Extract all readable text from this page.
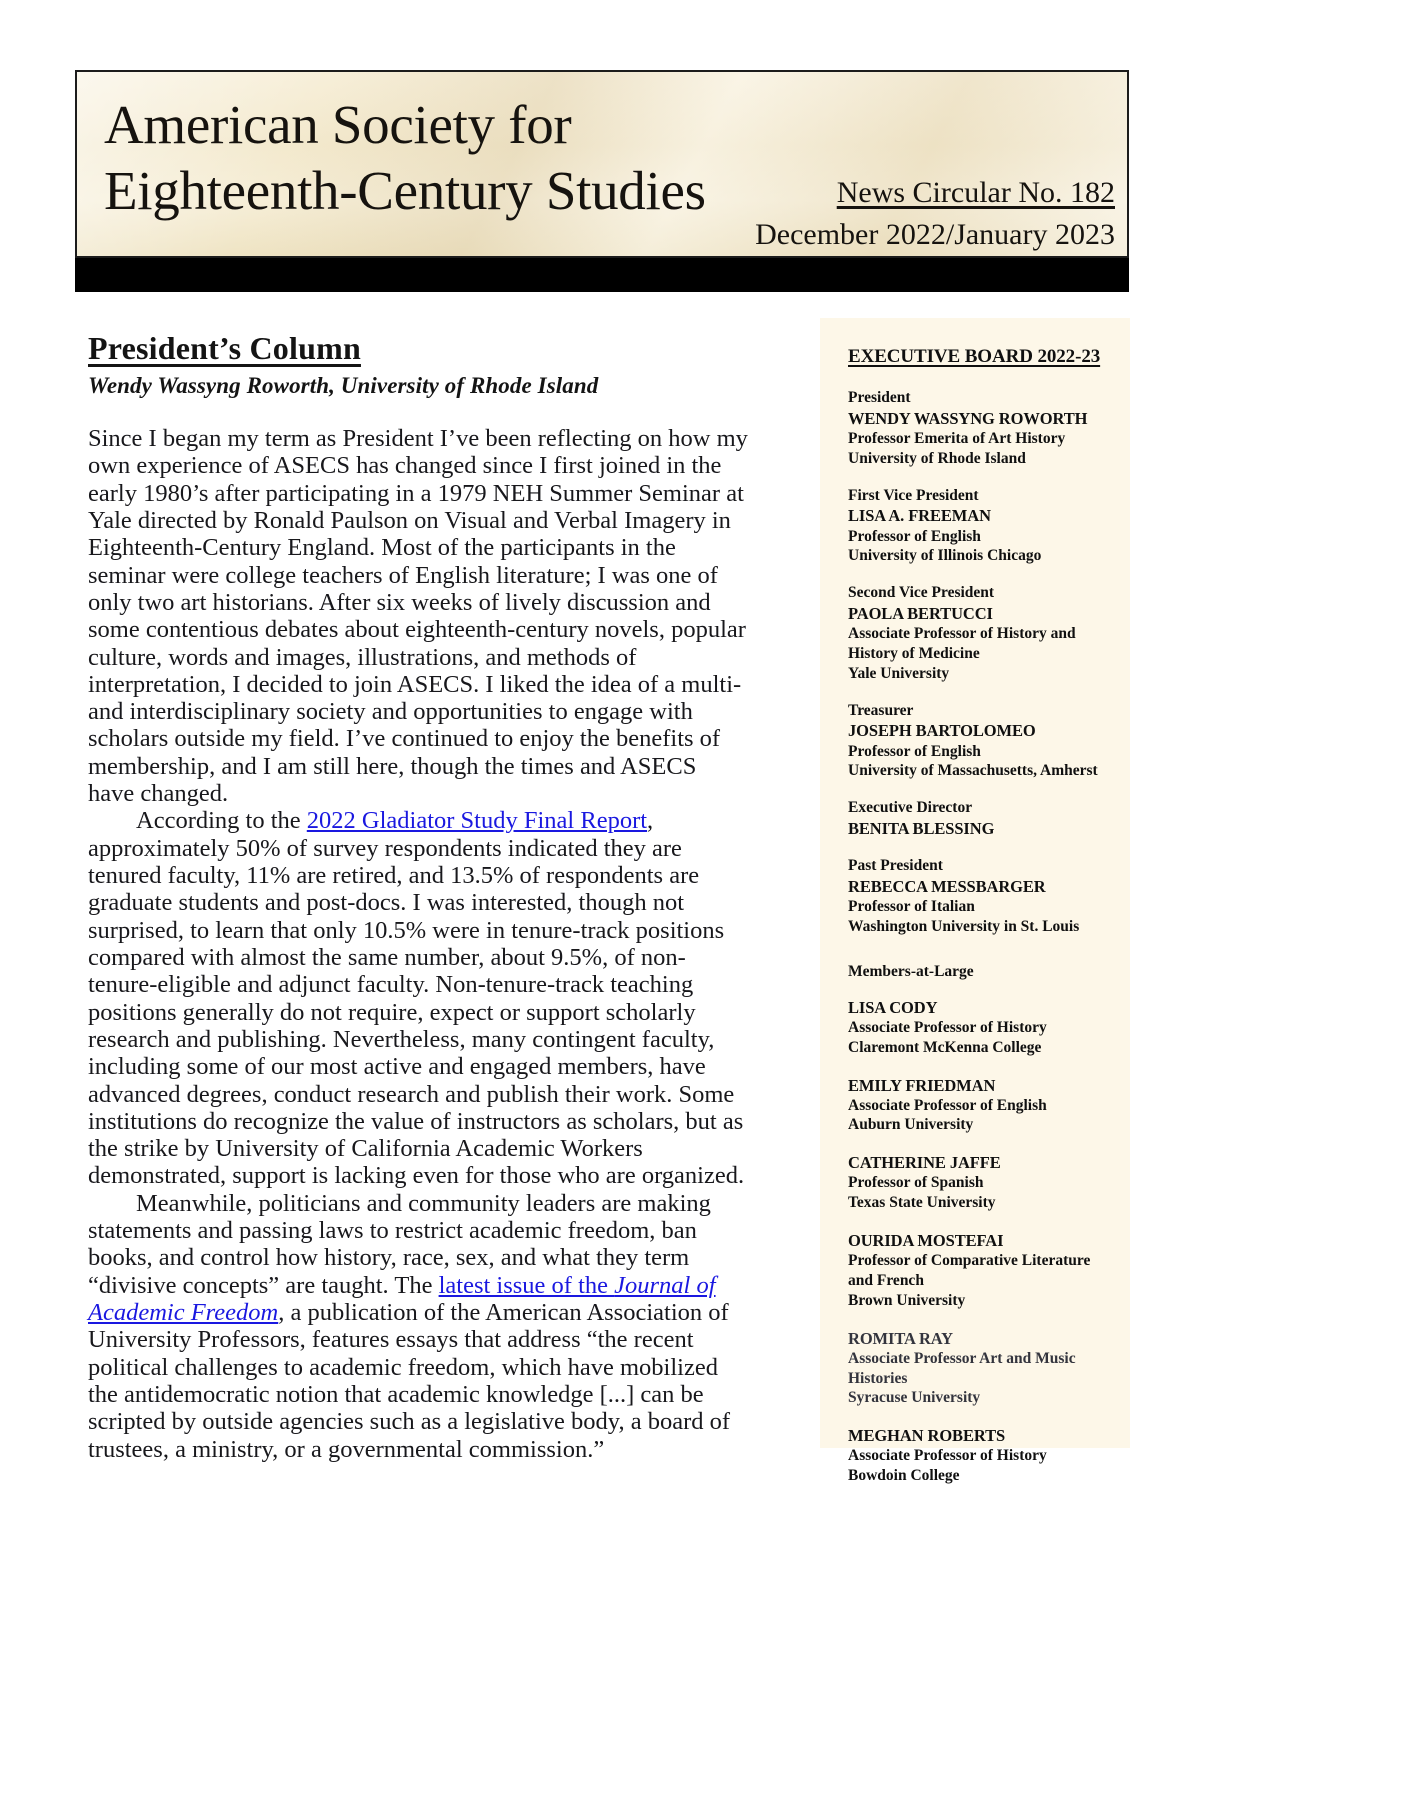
American Society for
Eighteenth-Century Studies	News Circular No. 182
December 2022/January 2023
President’s Column
Wendy Wassyng Roworth, University of Rhode Island

Since I began my term as President I’ve been reflecting on how my own experience of ASECS has changed since I first joined in the early 1980’s after participating in a 1979 NEH Summer Seminar at Yale directed by Ronald Paulson on Visual and Verbal Imagery in Eighteenth-Century England. Most of the participants in the seminar were college teachers of English literature; I was one of only two art historians. After six weeks of lively discussion and some contentious debates about eighteenth-century novels, popular culture, words and images, illustrations, and methods of interpretation, I decided to join ASECS. I liked the idea of a multi- and interdisciplinary society and opportunities to engage with scholars outside my field. I’ve continued to enjoy the benefits of membership, and I am still here, though the times and ASECS have changed.

According to the 2022 Gladiator Study Final Report, approximately 50% of survey respondents indicated they are tenured faculty, 11% are retired, and 13.5% of respondents are graduate students and post-docs. I was interested, though not surprised, to learn that only 10.5% were in tenure-track positions compared with almost the same number, about 9.5%, of non-tenure-eligible and adjunct faculty. Non-tenure-track teaching positions generally do not require, expect or support scholarly research and publishing. Nevertheless, many contingent faculty, including some of our most active and engaged members, have advanced degrees, conduct research and publish their work. Some institutions do recognize the value of instructors as scholars, but as the strike by University of California Academic Workers demonstrated, support is lacking even for those who are organized.

Meanwhile, politicians and community leaders are making statements and passing laws to restrict academic freedom, ban books, and control how history, race, sex, and what they term “divisive concepts” are taught. The latest issue of the Journal of Academic Freedom, a publication of the American Association of University Professors, features essays that address “the recent political challenges to academic freedom, which have mobilized the antidemocratic notion that academic knowledge [...] can be scripted by outside agencies such as a legislative body, a board of trustees, a ministry, or a governmental commission.”

EXECUTIVE BOARD 2022-23
President
WENDY WASSYNG ROWORTH
Professor Emerita of Art History
University of Rhode Island
First Vice President
LISA A. FREEMAN
Professor of English
University of Illinois Chicago
Second Vice President
PAOLA BERTUCCI
Associate Professor of History and
History of Medicine
Yale University
Treasurer
JOSEPH BARTOLOMEO
Professor of English
University of Massachusetts, Amherst
Executive Director
BENITA BLESSING
Past President
REBECCA MESSBARGER
Professor of Italian
Washington University in St. Louis
Members-at-Large
LISA CODY
Associate Professor of History
Claremont McKenna College
EMILY FRIEDMAN
Associate Professor of English
Auburn University
CATHERINE JAFFE
Professor of Spanish
Texas State University
OURIDA MOSTEFAI
Professor of Comparative Literature
and French
Brown University
ROMITA RAY
Associate Professor Art and Music
Histories
Syracuse University
MEGHAN ROBERTS
Associate Professor of History
Bowdoin College
